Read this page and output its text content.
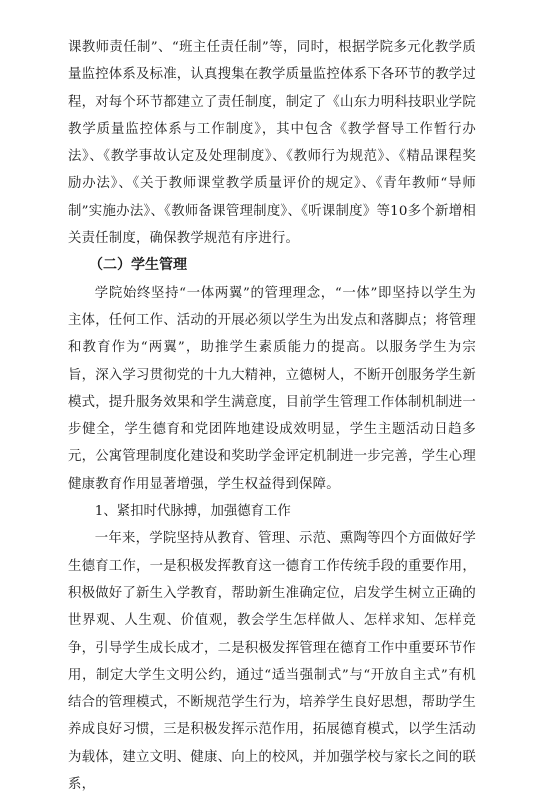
课教师责任制”、“班主任责任制”等，同时，根据学院多元化教学质量监控体系及标准，认真搜集在教学质量监控体系下各环节的教学过程，对每个环节都建立了责任制度，制定了《山东力明科技职业学院教学质量监控体系与工作制度》，其中包含《教学督导工作暂行办法》、《教学事故认定及处理制度》、《教师行为规范》、《精品课程奖励办法》、《关于教师课堂教学质量评价的规定》、《青年教师“导师制”实施办法》、《教师备课管理制度》、《听课制度》等10多个新增相关责任制度，确保教学规范有序进行。

（二）学生管理

学院始终坚持“一体两翼”的管理理念，“一体”即坚持以学生为主体，任何工作、活动的开展必须以学生为出发点和落脚点；将管理和教育作为“两翼”，助推学生素质能力的提高。以服务学生为宗旨，深入学习贯彻党的十九大精神，立德树人，不断开创服务学生新模式，提升服务效果和学生满意度，目前学生管理工作体制机制进一步健全，学生德育和党团阵地建设成效明显，学生主题活动日趋多元，公寓管理制度化建设和奖助学金评定机制进一步完善，学生心理健康教育作用显著增强，学生权益得到保障。

1、紧扣时代脉搏，加强德育工作

一年来，学院坚持从教育、管理、示范、熏陶等四个方面做好学生德育工作，一是积极发挥教育这一德育工作传统手段的重要作用，积极做好了新生入学教育，帮助新生准确定位，启发学生树立正确的世界观、人生观、价值观，教会学生怎样做人、怎样求知、怎样竞争，引导学生成长成才，二是积极发挥管理在德育工作中重要环节作用，制定大学生文明公约，通过“适当强制式”与“开放自主式”有机结合的管理模式，不断规范学生行为，培养学生良好思想，帮助学生养成良好习惯，三是积极发挥示范作用，拓展德育模式，以学生活动为载体，建立文明、健康、向上的校风，并加强学校与家长之间的联系，
